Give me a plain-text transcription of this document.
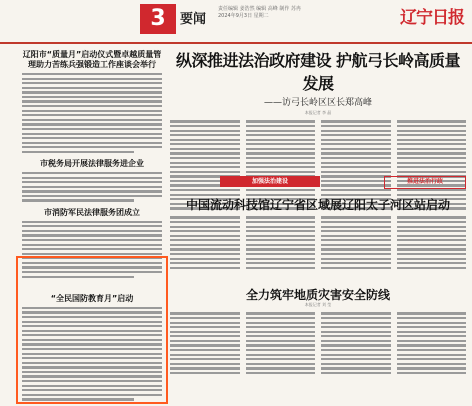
3	要闻
责任编辑 姜浩然 编辑 高峰 制作 苏冉
2024年9月3日 星期二	辽宁日报
辽阳市“质量月”启动仪式暨卓越质量管理助力苦练兵强锻造工作座谈会举行
市税务局开展法律服务进企业
市消防军民法律服务团成立
“全民国防教育月”启动
纵深推进法治政府建设 护航弓长岭高质量发展
——访弓长岭区区长郑高峰
本报记者 李 晶
加强法治建设	推进法治行政
中国流动科技馆辽宁省区域展辽阳太子河区站启动
全力筑牢地质灾害安全防线
本报记者 刘 莹
